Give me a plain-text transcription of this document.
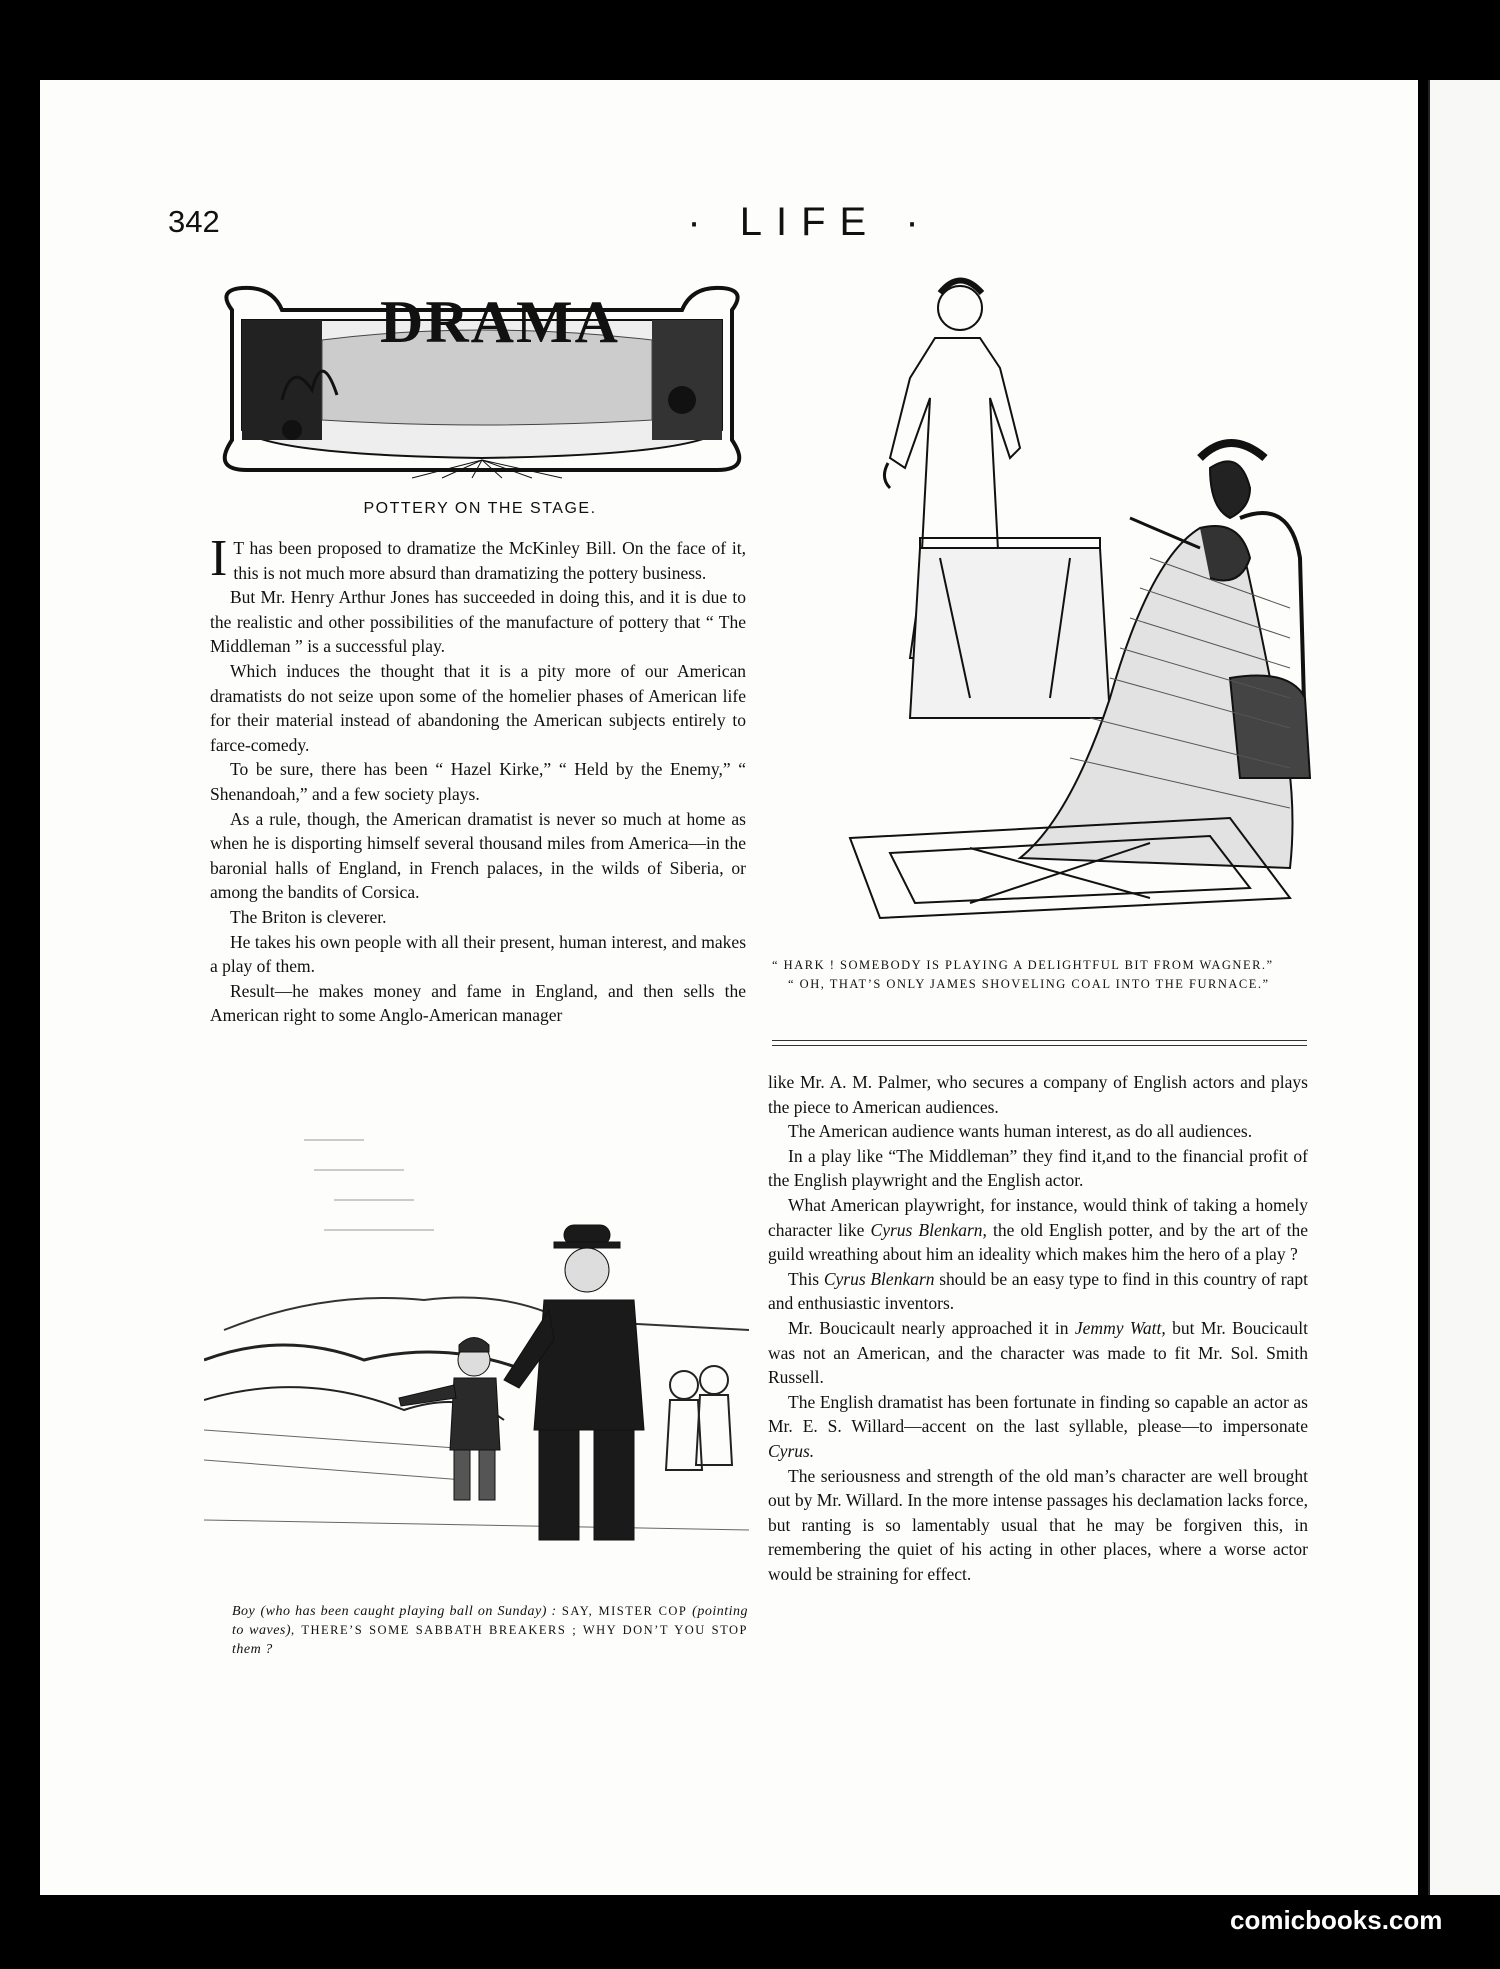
342	· LIFE ·
DRAMA
POTTERY ON THE STAGE.

I T has been proposed to dramatize the McKinley Bill. On the face of it, this is not much more absurd than dramatizing the pottery business.

But Mr. Henry Arthur Jones has succeeded in doing this, and it is due to the realistic and other possibilities of the manufacture of pottery that “ The Middleman ” is a successful play.

Which induces the thought that it is a pity more of our American dramatists do not seize upon some of the homelier phases of American life for their material instead of abandoning the American subjects entirely to farce-comedy.

To be sure, there has been “ Hazel Kirke,” “ Held by the Enemy,” “ Shenandoah,” and a few society plays.

As a rule, though, the American dramatist is never so much at home as when he is disporting himself several thousand miles from America—in the baronial halls of England, in French palaces, in the wilds of Siberia, or among the bandits of Corsica.

The Briton is cleverer.

He takes his own people with all their present, human interest, and makes a play of them.

Result—he makes money and fame in England, and then sells the American right to some Anglo-American manager

“ HARK ! SOMEBODY IS PLAYING A DELIGHTFUL BIT FROM WAGNER.”

“ OH, THAT’S ONLY JAMES SHOVELING COAL INTO THE FURNACE.”

like Mr. A. M. Palmer, who secures a company of English actors and plays the piece to American audiences.

The American audience wants human interest, as do all audiences.

In a play like “The Middleman” they find it,and to the financial profit of the English playwright and the English actor.

What American playwright, for instance, would think of taking a homely character like Cyrus Blenkarn, the old English potter, and by the art of the guild wreathing about him an ideality which makes him the hero of a play ?

This Cyrus Blenkarn should be an easy type to find in this country of rapt and enthusiastic inventors.

Mr. Boucicault nearly approached it in Jemmy Watt, but Mr. Boucicault was not an American, and the character was made to fit Mr. Sol. Smith Russell.

The English dramatist has been fortunate in finding so capable an actor as Mr. E. S. Willard—accent on the last syllable, please—to impersonate Cyrus.

The seriousness and strength of the old man’s character are well brought out by Mr. Willard. In the more intense passages his declamation lacks force, but ranting is so lamentably usual that he may be forgiven this, in remembering the quiet of his acting in other places, where a worse actor would be straining for effect.

Boy (who has been caught playing ball on Sunday) : SAY, MISTER COP (pointing to waves), THERE’S SOME SABBATH BREAKERS ; WHY DON’T YOU STOP them ?
comicbooks.com
